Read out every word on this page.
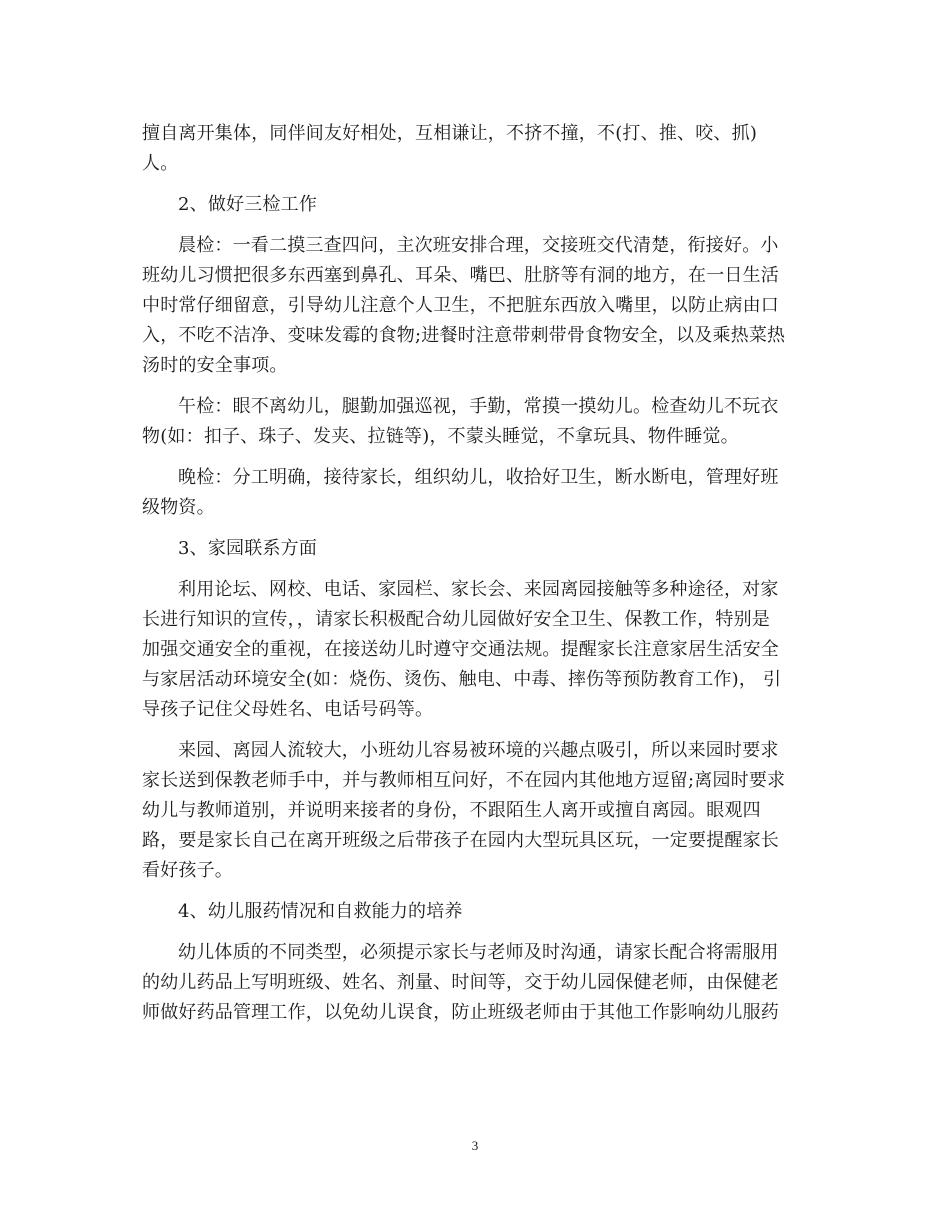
擅自离开集体，同伴间友好相处，互相谦让，不挤不撞，不(打、推、咬、抓)
人。

2、做好三检工作

晨检：一看二摸三查四问，主次班安排合理，交接班交代清楚，衔接好。小
班幼儿习惯把很多东西塞到鼻孔、耳朵、嘴巴、肚脐等有洞的地方，在一日生活
中时常仔细留意，引导幼儿注意个人卫生，不把脏东西放入嘴里，以防止病由口
入，不吃不洁净、变味发霉的食物;进餐时注意带刺带骨食物安全，以及乘热菜热
汤时的安全事项。

午检：眼不离幼儿，腿勤加强巡视，手勤，常摸一摸幼儿。检查幼儿不玩衣
物(如：扣子、珠子、发夹、拉链等)，不蒙头睡觉，不拿玩具、物件睡觉。

晚检：分工明确，接待家长，组织幼儿，收拾好卫生，断水断电，管理好班
级物资。

3、家园联系方面

利用论坛、网校、电话、家园栏、家长会、来园离园接触等多种途径，对家
长进行知识的宣传，，请家长积极配合幼儿园做好安全卫生、保教工作，特别是
加强交通安全的重视，在接送幼儿时遵守交通法规。提醒家长注意家居生活安全
与家居活动环境安全(如：烧伤、烫伤、触电、中毒、摔伤等预防教育工作)， 引
导孩子记住父母姓名、电话号码等。

来园、离园人流较大，小班幼儿容易被环境的兴趣点吸引，所以来园时要求
家长送到保教老师手中，并与教师相互问好，不在园内其他地方逗留;离园时要求
幼儿与教师道别，并说明来接者的身份，不跟陌生人离开或擅自离园。眼观四
路，要是家长自己在离开班级之后带孩子在园内大型玩具区玩，一定要提醒家长
看好孩子。

4、幼儿服药情况和自救能力的培养

幼儿体质的不同类型，必须提示家长与老师及时沟通，请家长配合将需服用
的幼儿药品上写明班级、姓名、剂量、时间等，交于幼儿园保健老师，由保健老
师做好药品管理工作，以免幼儿误食，防止班级老师由于其他工作影响幼儿服药

3
